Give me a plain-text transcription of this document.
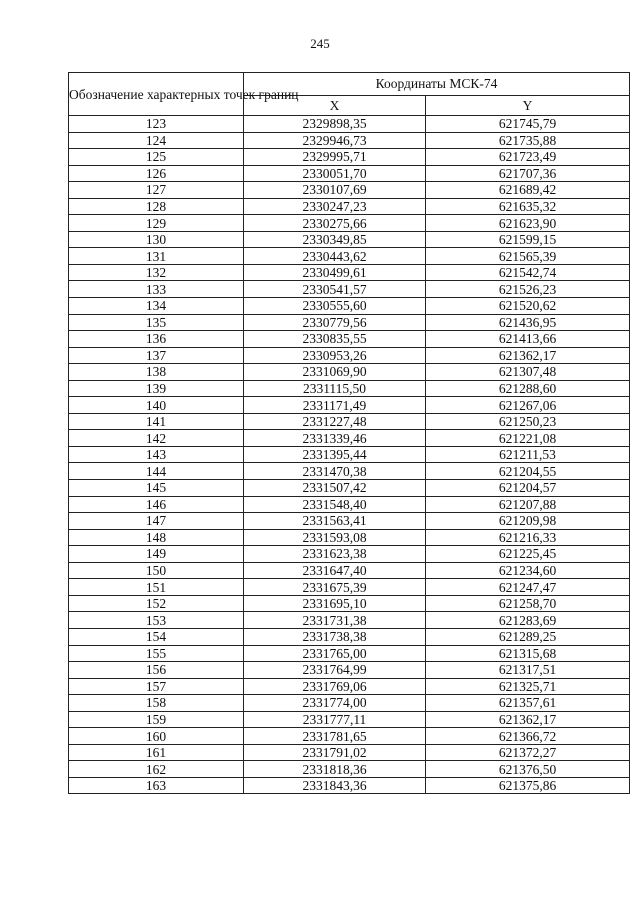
245
Обозначение характерных точек границ	Координаты МСК-74	
	X	Y
123	2329898,35	621745,79
124	2329946,73	621735,88
125	2329995,71	621723,49
126	2330051,70	621707,36
127	2330107,69	621689,42
128	2330247,23	621635,32
129	2330275,66	621623,90
130	2330349,85	621599,15
131	2330443,62	621565,39
132	2330499,61	621542,74
133	2330541,57	621526,23
134	2330555,60	621520,62
135	2330779,56	621436,95
136	2330835,55	621413,66
137	2330953,26	621362,17
138	2331069,90	621307,48
139	2331115,50	621288,60
140	2331171,49	621267,06
141	2331227,48	621250,23
142	2331339,46	621221,08
143	2331395,44	621211,53
144	2331470,38	621204,55
145	2331507,42	621204,57
146	2331548,40	621207,88
147	2331563,41	621209,98
148	2331593,08	621216,33
149	2331623,38	621225,45
150	2331647,40	621234,60
151	2331675,39	621247,47
152	2331695,10	621258,70
153	2331731,38	621283,69
154	2331738,38	621289,25
155	2331765,00	621315,68
156	2331764,99	621317,51
157	2331769,06	621325,71
158	2331774,00	621357,61
159	2331777,11	621362,17
160	2331781,65	621366,72
161	2331791,02	621372,27
162	2331818,36	621376,50
163	2331843,36	621375,86
